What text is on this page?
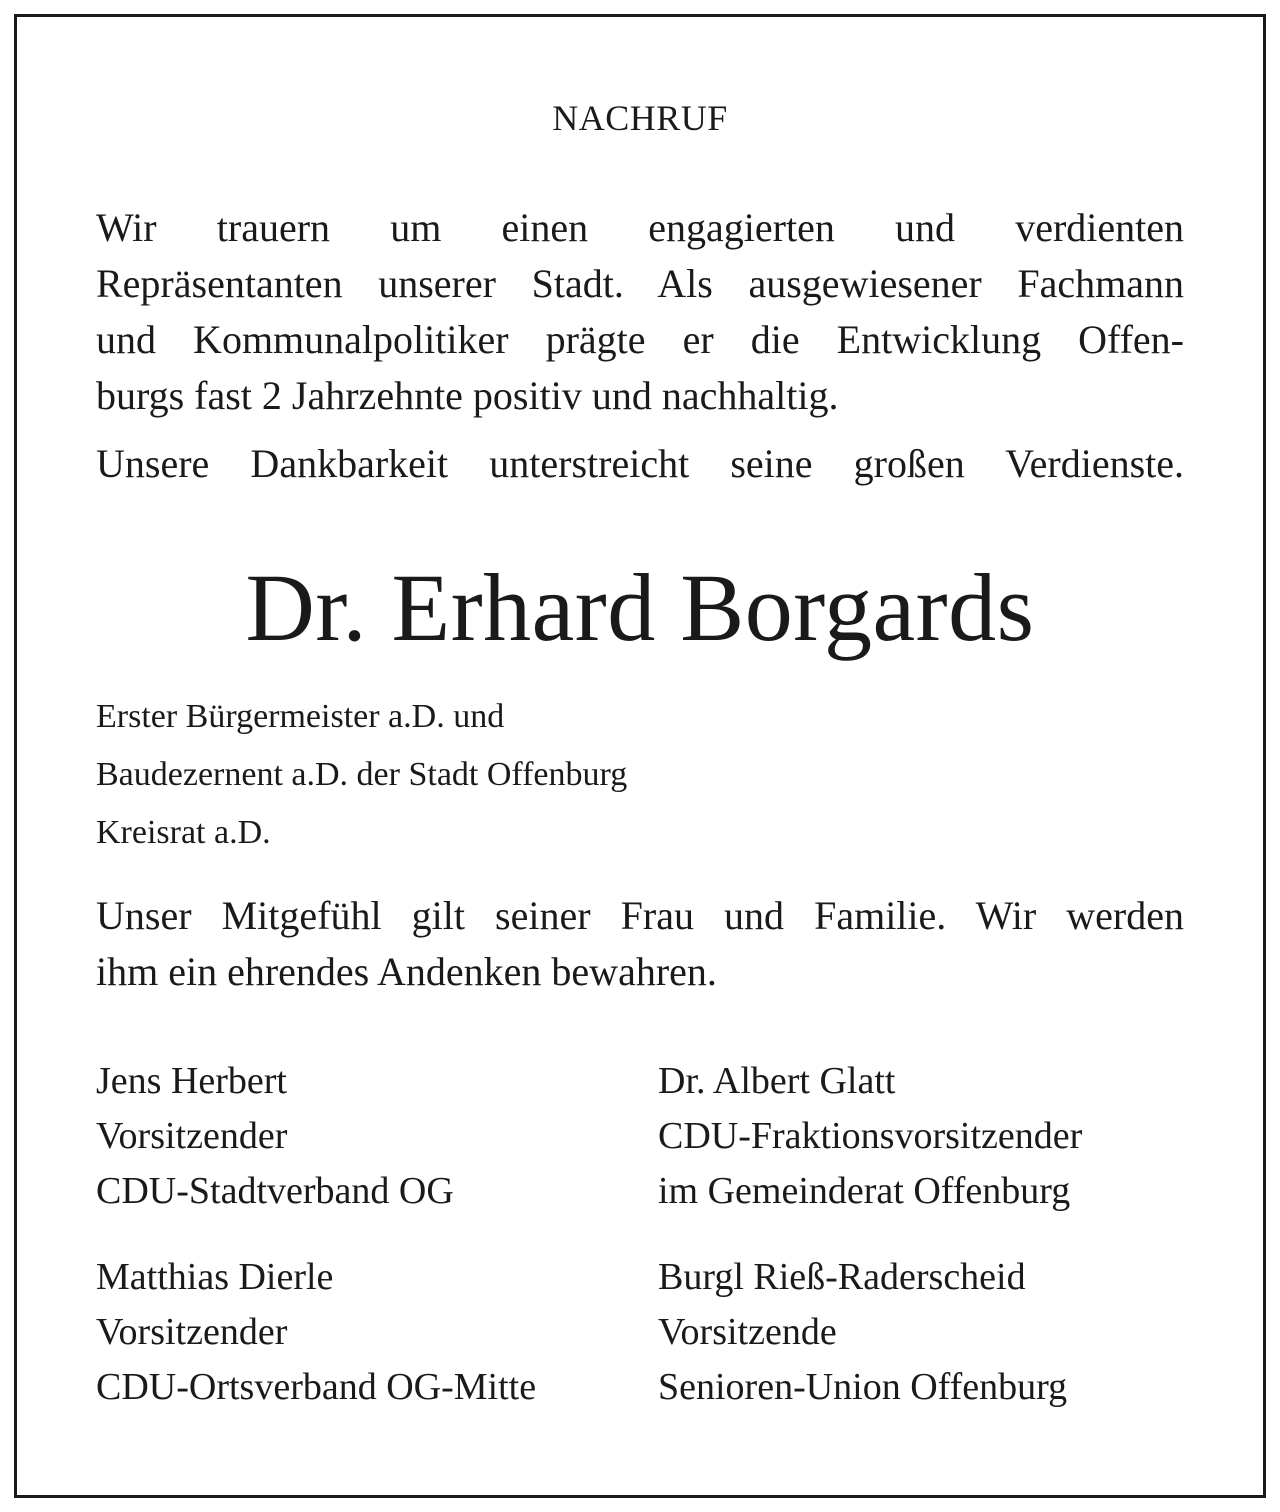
NACHRUF
Wir trauern um einen engagierten und verdienten
Repräsentanten unserer Stadt. Als ausgewiesener Fachmann
und Kommunalpolitiker prägte er die Entwicklung Offen-
burgs fast 2 Jahrzehnte positiv und nachhaltig.
Unsere Dankbarkeit unterstreicht seine großen Verdienste.
Dr. Erhard Borgards
Erster Bürgermeister a.D. und
Baudezernent a.D. der Stadt Offenburg
Kreisrat a.D.
Unser Mitgefühl gilt seiner Frau und Familie. Wir werden
ihm ein ehrendes Andenken bewahren.
Jens Herbert
Vorsitzender
CDU-Stadtverband OG
Dr. Albert Glatt
CDU-Fraktionsvorsitzender
im Gemeinderat Offenburg
Matthias Dierle
Vorsitzender
CDU-Ortsverband OG-Mitte
Burgl Rieß-Raderscheid
Vorsitzende
Senioren-Union Offenburg
